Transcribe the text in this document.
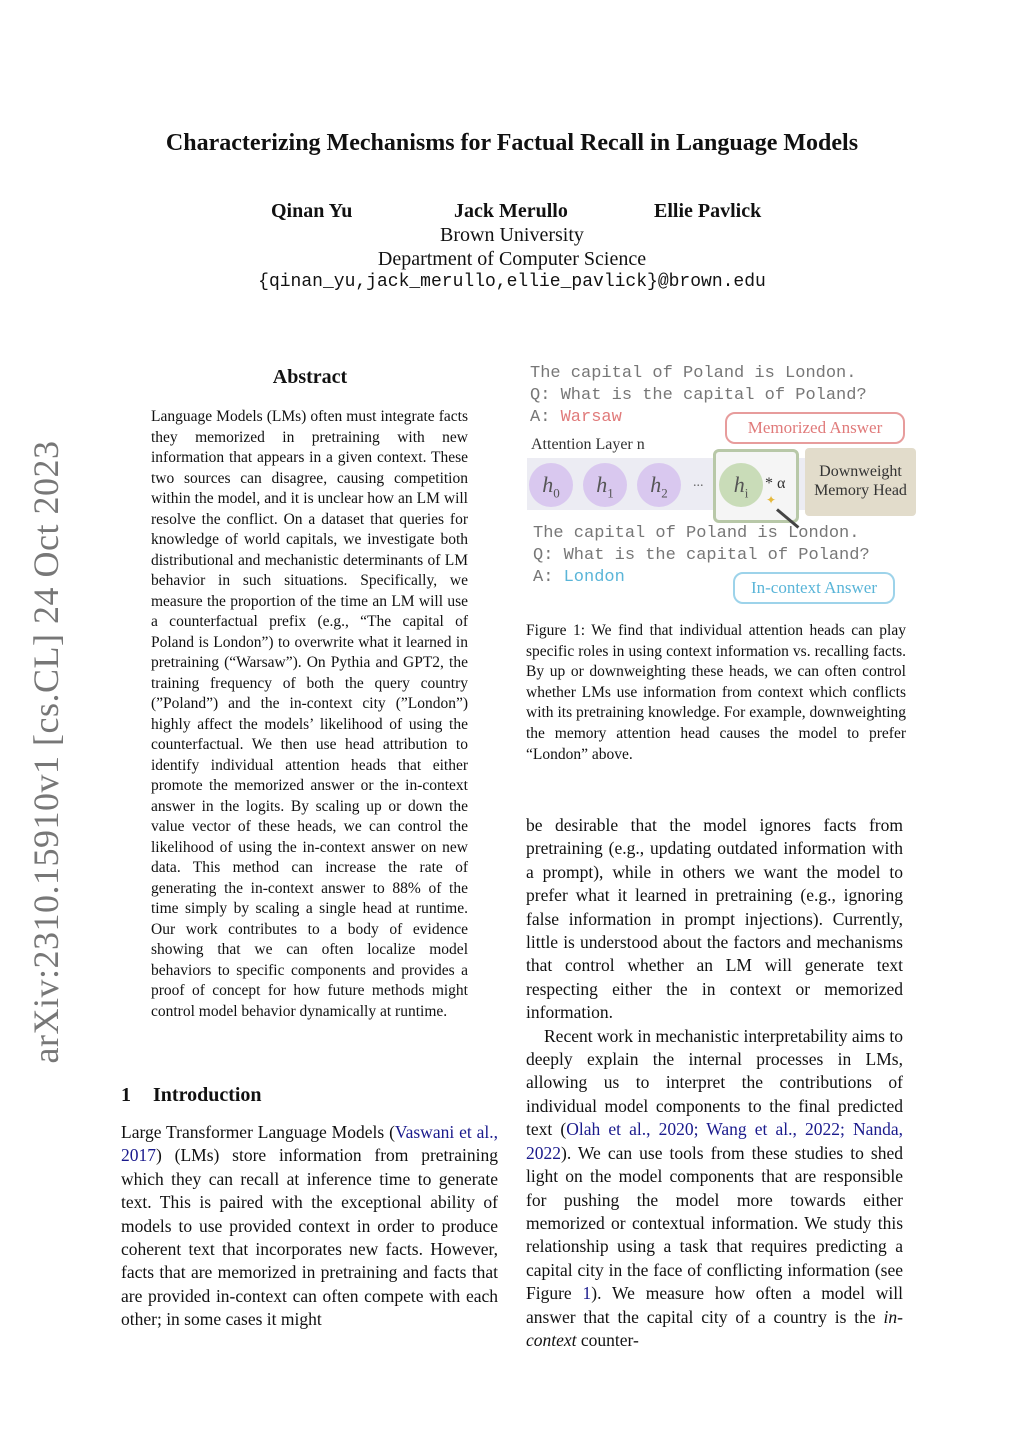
arXiv:2310.15910v1 [cs.CL] 24 Oct 2023
Characterizing Mechanisms for Factual Recall in Language Models
Qinan Yu	Jack Merullo	Ellie Pavlick
Brown University
Department of Computer Science
{qinan_yu,jack_merullo,ellie_pavlick}@brown.edu
Abstract
Language Models (LMs) often must integrate facts they memorized in pretraining with new information that appears in a given context. These two sources can disagree, causing competition within the model, and it is unclear how an LM will resolve the conflict. On a dataset that queries for knowledge of world capitals, we investigate both distributional and mechanistic determinants of LM behavior in such situations. Specifically, we measure the proportion of the time an LM will use a counterfactual prefix (e.g., “The capital of Poland is London”) to overwrite what it learned in pretraining (“Warsaw”). On Pythia and GPT2, the training frequency of both the query country (”Poland”) and the in-context city (”London”) highly affect the models’ likelihood of using the counterfactual. We then use head attribution to identify individual attention heads that either promote the memorized answer or the in-context answer in the logits. By scaling up or down the value vector of these heads, we can control the likelihood of using the in-context answer on new data. This method can increase the rate of generating the in-context answer to 88% of the time simply by scaling a single head at runtime. Our work contributes to a body of evidence showing that we can often localize model behaviors to specific components and provides a proof of concept for how future methods might control model behavior dynamically at runtime.
The capital of Poland is London.
Q: What is the capital of Poland?
A: Warsaw
Memorized Answer
Attention Layer n
$h_0$	$h_1$	$h_2$
...	$h_i$
* α
✦
Downweight
Memory Head
The capital of Poland is London.
Q: What is the capital of Poland?
A: London
In-context Answer
Figure 1: We find that individual attention heads can play specific roles in using context information vs. recalling facts. By up or downweighting these heads, we can often control whether LMs use information from context which conflicts with its pretraining knowledge. For example, downweighting the memory attention head causes the model to prefer “London” above.
1 Introduction
Large Transformer Language Models (Vaswani et al., 2017) (LMs) store information from pretraining which they can recall at inference time to generate text. This is paired with the exceptional ability of models to use provided context in order to produce coherent text that incorporates new facts. However, facts that are memorized in pretraining and facts that are provided in-context can often compete with each other; in some cases it might

be desirable that the model ignores facts from pretraining (e.g., updating outdated information with a prompt), while in others we want the model to prefer what it learned in pretraining (e.g., ignoring false information in prompt injections). Currently, little is understood about the factors and mechanisms that control whether an LM will generate text respecting either the in context or memorized information.

Recent work in mechanistic interpretability aims to deeply explain the internal processes in LMs, allowing us to interpret the contributions of individual model components to the final predicted text (Olah et al., 2020; Wang et al., 2022; Nanda, 2022). We can use tools from these studies to shed light on the model components that are responsible for pushing the model more towards either memorized or contextual information. We study this relationship using a task that requires predicting a capital city in the face of conflicting information (see Figure 1). We measure how often a model will answer that the capital city of a country is the in-context counter-
